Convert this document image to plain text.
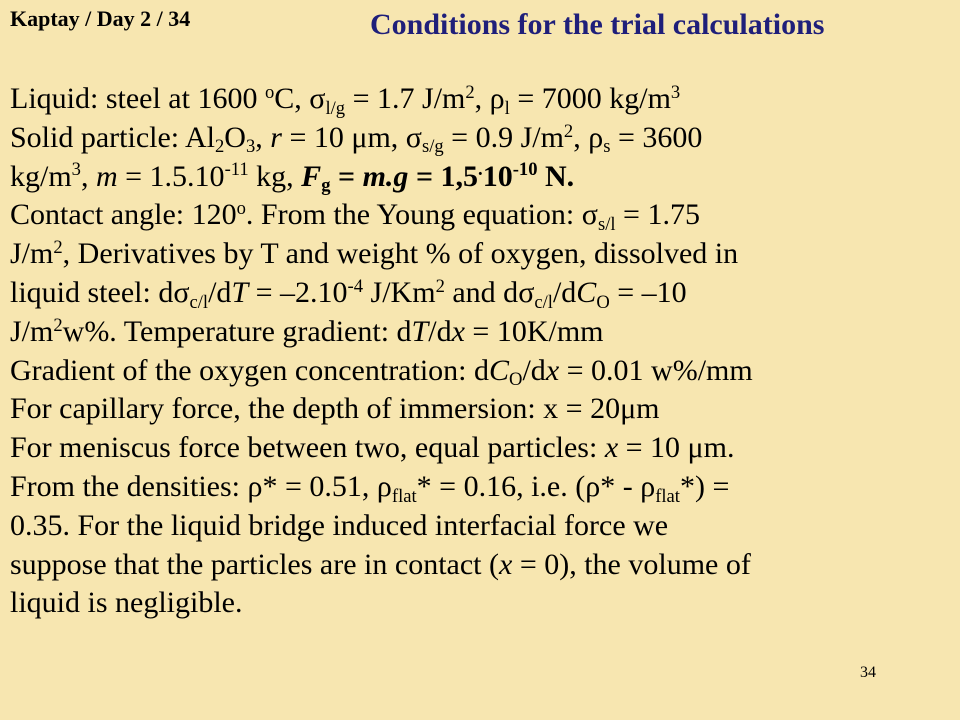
Kaptay / Day 2 / 34	Conditions for the trial calculations
Liquid: steel at 1600 $^o$C, $\sigma_{l/g} = 1.7$ $J/m^2$, $\rho_l = 7000$ $kg/m^3$
Solid particle: $Al_2O_3$, r = 10 μm, $\sigma_{s/g} = 0.9$ $J/m^2$, $\rho_s = 3600$
$kg/m^3$, $m = 1.5.10^{-11}$ kg, $F_g = m.g = 1,5^.10^{-10}$ N.
Contact angle: 120$^o$. From the Young equation: $\sigma_{s/l} = 1.75$
$J/m^2$, Derivatives by T and weight % of oxygen, dissolved in
liquid steel: $d\sigma_{c/l}/dT = -2.10^{-4}$ J/Km$^2$ and $d\sigma_{c/l}/dC_O = -10$
$J/m^2w\%$. Temperature gradient: dT/dx = 10K/mm
Gradient of the oxygen concentration: $dC_O/dx = 0.01$ w%/mm
For capillary force, the depth of immersion: x = 20μm
For meniscus force between two, equal particles: x = 10 μm.
From the densities: ρ* = 0.51, $\rho_{flat}* = 0.16$, i.e. $(\rho* - \rho_{flat}*)$ =
0.35. For the liquid bridge induced interfacial force we
suppose that the particles are in contact (x = 0), the volume of
liquid is negligible.
34
